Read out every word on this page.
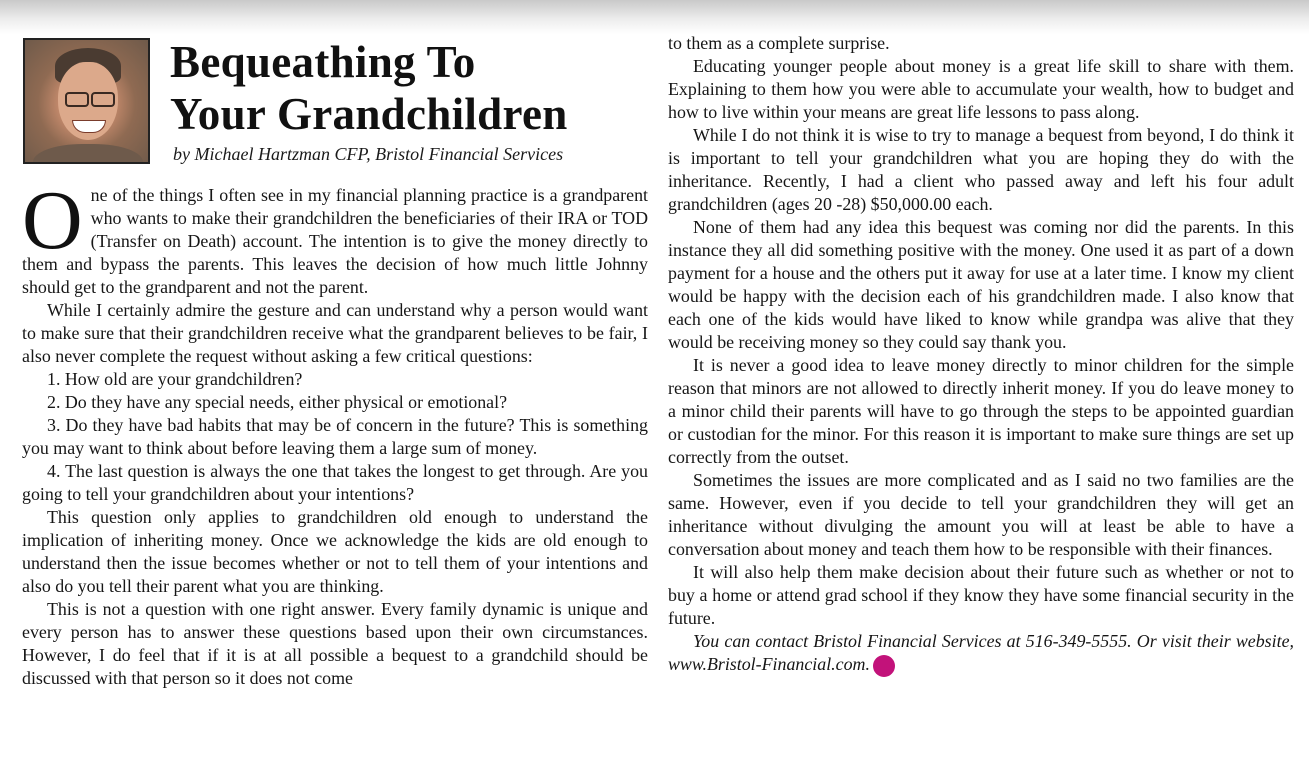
Bequeathing To
Your Grandchildren

by Michael Hartzman CFP, Bristol Financial Services

One of the things I often see in my financial planning practice is a grandparent who wants to make their grandchildren the beneficiaries of their IRA or TOD (Transfer on Death) account. The intention is to give the money directly to them and bypass the parents. This leaves the decision of how much little Johnny should get to the grandparent and not the parent.

While I certainly admire the gesture and can understand why a person would want to make sure that their grandchildren receive what the grandparent believes to be fair, I also never complete the request without asking a few critical questions:

1. How old are your grandchildren?

2. Do they have any special needs, either physical or emotional?

3. Do they have bad habits that may be of concern in the future? This is something you may want to think about before leaving them a large sum of money.

4. The last question is always the one that takes the longest to get through. Are you going to tell your grandchildren about your intentions?

This question only applies to grandchildren old enough to understand the implication of inheriting money. Once we acknowledge the kids are old enough to understand then the issue becomes whether or not to tell them of your intentions and also do you tell their parent what you are thinking.

This is not a question with one right answer. Every family dynamic is unique and every person has to answer these questions based upon their own circumstances. However, I do feel that if it is at all possible a bequest to a grandchild should be discussed with that person so it does not come

to them as a complete surprise.

Educating younger people about money is a great life skill to share with them. Explaining to them how you were able to accumulate your wealth, how to budget and how to live within your means are great life lessons to pass along.

While I do not think it is wise to try to manage a bequest from beyond, I do think it is important to tell your grandchildren what you are hoping they do with the inheritance. Recently, I had a client who passed away and left his four adult grandchildren (ages 20 -28) $50,000.00 each.

None of them had any idea this bequest was coming nor did the parents. In this instance they all did something positive with the money. One used it as part of a down payment for a house and the others put it away for use at a later time. I know my client would be happy with the decision each of his grandchildren made. I also know that each one of the kids would have liked to know while grandpa was alive that they would be receiving money so they could say thank you.

It is never a good idea to leave money directly to minor children for the simple reason that minors are not allowed to directly inherit money. If you do leave money to a minor child their parents will have to go through the steps to be appointed guardian or custodian for the minor. For this reason it is important to make sure things are set up correctly from the outset.

Sometimes the issues are more complicated and as I said no two families are the same. However, even if you decide to tell your grandchildren they will get an inheritance without divulging the amount you will at least be able to have a conversation about money and teach them how to be responsible with their finances.

It will also help them make decision about their future such as whether or not to buy a home or attend grad school if they know they have some financial security in the future.

You can contact Bristol Financial Services at 516-349-5555. Or visit their website, www.Bristol-Financial.com.	50+
